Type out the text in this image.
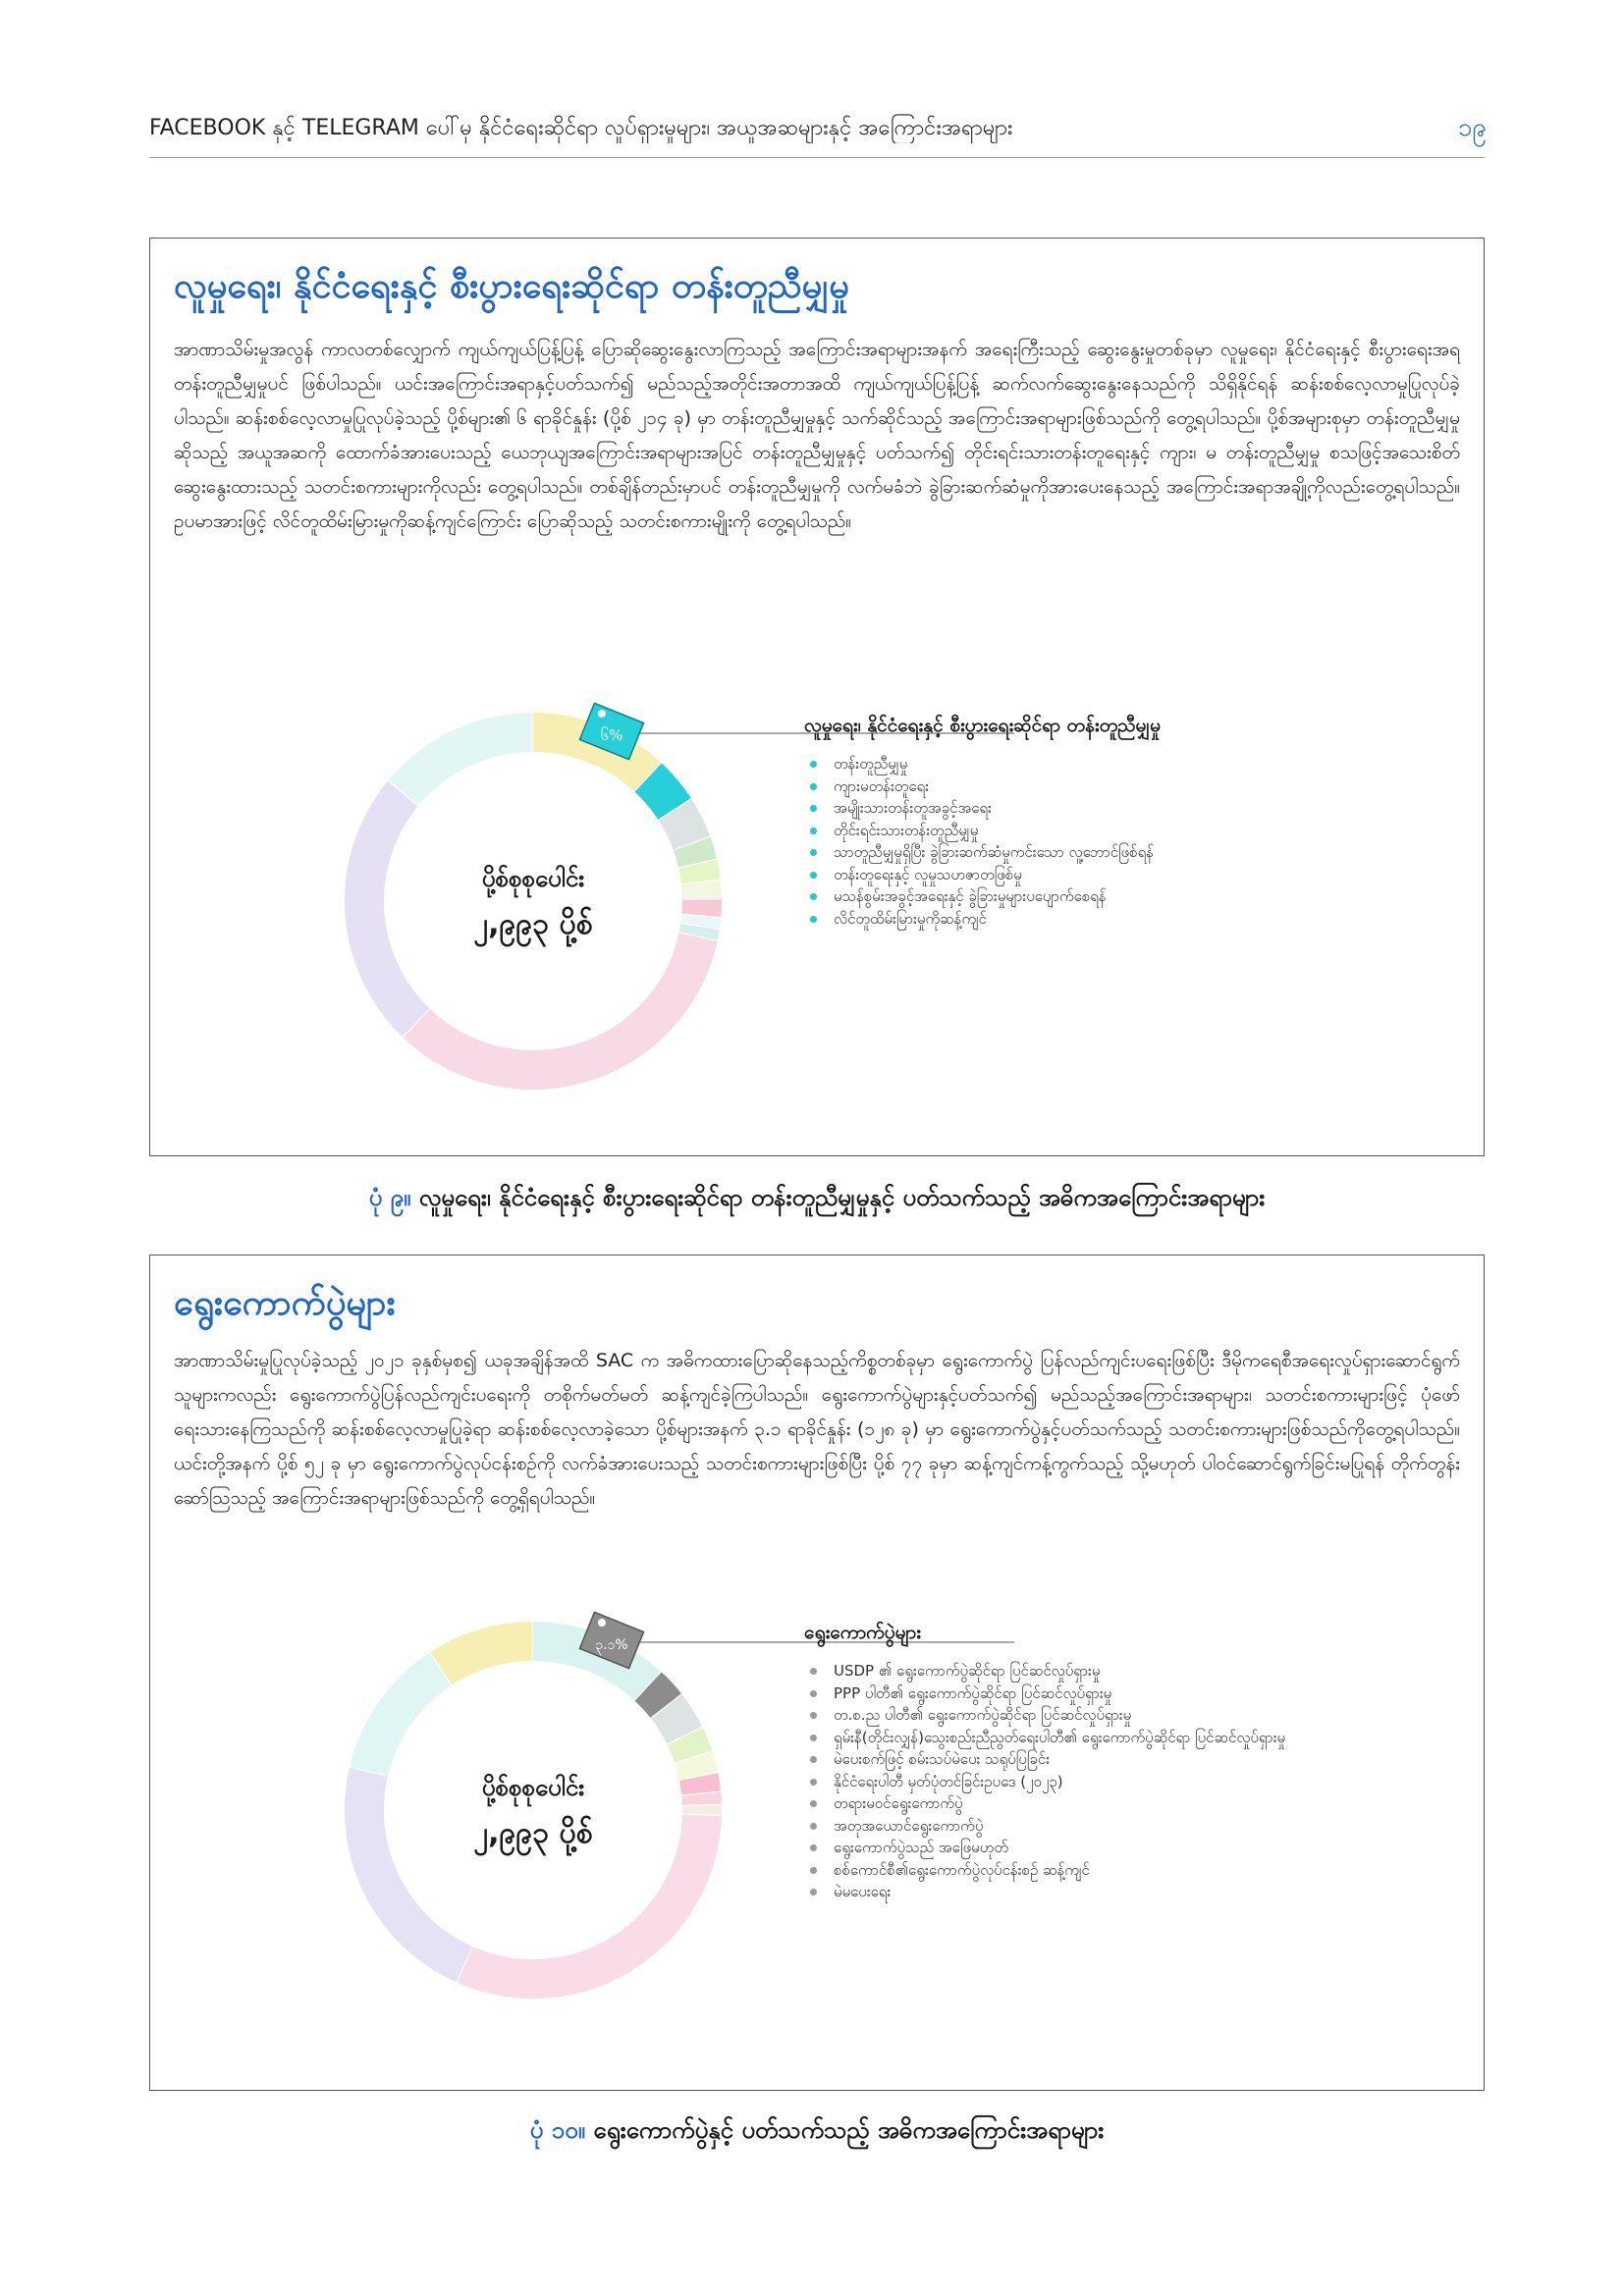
FACEBOOK နှင့် TELEGRAM ပေါ်မှ နိုင်ငံရေးဆိုင်ရာ လှုပ်ရှားမှုများ၊ အယူအဆများနှင့် အကြောင်းအရာများ	၁၉
လူမှုရေး၊ နိုင်ငံရေးနှင့် စီးပွားရေးဆိုင်ရာ တန်းတူညီမျှမှု

အာဏာသိမ်းမှုအလွန် ကာလတစ်လျှောက် ကျယ်ကျယ်ပြန့်ပြန့် ပြောဆိုဆွေးနွေးလာကြသည့် အကြောင်းအရာများအနက် အရေးကြီးသည့် ဆွေးနွေးမှုတစ်ခုမှာ လူမှုရေး၊ နိုင်ငံရေးနှင့် စီးပွားရေးအရ တန်းတူညီမျှမှုပင် ဖြစ်ပါသည်။ ယင်းအကြောင်းအရာနှင့်ပတ်သက်၍ မည်သည့်အတိုင်းအတာအထိ ကျယ်ကျယ်ပြန့်ပြန့် ဆက်လက်ဆွေးနွေးနေသည်ကို သိရှိနိုင်ရန် ဆန်းစစ်လေ့လာမှုပြုလုပ်ခဲ့ပါသည်။ ဆန်းစစ်လေ့လာမှုပြုလုပ်ခဲ့သည့် ပို့စ်များ၏ ၆ ရာခိုင်နှုန်း (ပို့စ် ၂၁၄ ခု) မှာ တန်းတူညီမျှမှုနှင့် သက်ဆိုင်သည့် အကြောင်းအရာများဖြစ်သည်ကို တွေ့ရပါသည်။ ပို့စ်အများစုမှာ တန်းတူညီမျှမှုဆိုသည့် အယူအဆကို ထောက်ခံအားပေးသည့် ယေဘုယျအကြောင်းအရာများအပြင် တန်းတူညီမျှမှုနှင့် ပတ်သက်၍ တိုင်းရင်းသားတန်းတူရေးနှင့် ကျား၊ မ တန်းတူညီမျှမှု စသဖြင့်အသေးစိတ်ဆွေးနွေးထားသည့် သတင်းစကားများကိုလည်း တွေ့ရပါသည်။ တစ်ချိန်တည်းမှာပင် တန်းတူညီမျှမှုကို လက်မခံဘဲ ခွဲခြားဆက်ဆံမှုကိုအားပေးနေသည့် အကြောင်းအရာအချို့ကိုလည်းတွေ့ရပါသည်။ ဥပမာအားဖြင့် လိင်တူထိမ်းမြားမှုကိုဆန့်ကျင်ကြောင်း ပြောဆိုသည့် သတင်းစကားမျိုးကို တွေ့ရပါသည်။

၆%
ပို့စ်စုစုပေါင်း
၂,၉၉၃ ပို့စ်
လူမှုရေး၊ နိုင်ငံရေးနှင့် စီးပွားရေးဆိုင်ရာ တန်းတူညီမျှမှု
တန်းတူညီမျှမှု
ကျားမတန်းတူရေး
အမျိုးသားတန်းတူအခွင့်အရေး
တိုင်းရင်းသားတန်းတူညီမျှမှု
သာတူညီမျှမှုရှိပြီး ခွဲခြားဆက်ဆံမှုကင်းသော လူ့ဘောင်ဖြစ်ရန်
တန်းတူရေးနှင့် လူမှုသဟဇာတဖြစ်မှု
မသန်စွမ်းအခွင့်အရေးနှင့် ခွဲခြားမှုများပပျောက်စေရန်
လိင်တူထိမ်းမြားမှုကိုဆန့်ကျင်
ပုံ ၉။ လူမှုရေး၊ နိုင်ငံရေးနှင့် စီးပွားရေးဆိုင်ရာ တန်းတူညီမျှမှုနှင့် ပတ်သက်သည့် အဓိကအကြောင်းအရာများ
ရွေးကောက်ပွဲများ

အာဏာသိမ်းမှုပြုလုပ်ခဲ့သည့် ၂၀၂၁ ခုနှစ်မှစ၍ ယခုအချိန်အထိ SAC က အဓိကထားပြောဆိုနေသည့်ကိစ္စတစ်ခုမှာ ရွေးကောက်ပွဲ ပြန်လည်ကျင်းပရေးဖြစ်ပြီး ဒီမိုကရေစီအရေးလှုပ်ရှားဆောင်ရွက်သူများကလည်း ရွေးကောက်ပွဲပြန်လည်ကျင်းပရေးကို တစိုက်မတ်မတ် ဆန့်ကျင်ခဲ့ကြပါသည်။ ရွေးကောက်ပွဲများနှင့်ပတ်သက်၍ မည်သည့်အကြောင်းအရာများ၊ သတင်းစကားများဖြင့် ပုံဖော်ရေးသားနေကြသည်ကို ဆန်းစစ်လေ့လာမှုပြုခဲ့ရာ ဆန်းစစ်လေ့လာခဲ့သော ပို့စ်များအနက် ၃.၁ ရာခိုင်နှုန်း (၁၂၈ ခု) မှာ ရွေးကောက်ပွဲနှင့်ပတ်သက်သည့် သတင်းစကားများဖြစ်သည်ကိုတွေ့ရပါသည်။ ယင်းတို့အနက် ပို့စ် ၅၂ ခု မှာ ရွေးကောက်ပွဲလုပ်ငန်းစဉ်ကို လက်ခံအားပေးသည့် သတင်းစကားများဖြစ်ပြီး ပို့စ် ၇၇ ခုမှာ ဆန့်ကျင်ကန့်ကွက်သည့် သို့မဟုတ် ပါဝင်ဆောင်ရွက်ခြင်းမပြုရန် တိုက်တွန်းဆော်ဩသည့် အကြောင်းအရာများဖြစ်သည်ကို တွေ့ရှိရပါသည်။

၃.၁%
ပို့စ်စုစုပေါင်း
၂,၉၉၃ ပို့စ်
ရွေးကောက်ပွဲများ
USDP ၏ ရွေးကောက်ပွဲဆိုင်ရာ ပြင်ဆင်လှုပ်ရှားမှု
PPP ပါတီ၏ ရွေးကောက်ပွဲဆိုင်ရာ ပြင်ဆင်လှုပ်ရှားမှု
တ.စ.ည ပါတီ၏ ရွေးကောက်ပွဲဆိုင်ရာ ပြင်ဆင်လှုပ်ရှားမှု
ရှမ်းနီ(တိုင်းလျှန်)သွေးစည်းညီညွတ်ရေးပါတီ၏ ရွေးကောက်ပွဲဆိုင်ရာ ပြင်ဆင်လှုပ်ရှားမှု
မဲပေးစက်ဖြင့် စမ်းသပ်မဲပေး သရုပ်ပြခြင်း
နိုင်ငံရေးပါတီ မှတ်ပုံတင်ခြင်းဥပဒေ (၂၀၂၃)
တရားမဝင်ရွေးကောက်ပွဲ
အတုအယောင်ရွေးကောက်ပွဲ
ရွေးကောက်ပွဲသည် အဖြေမဟုတ်
စစ်ကောင်စီ၏ရွေးကောက်ပွဲလုပ်ငန်းစဉ် ဆန့်ကျင်
မဲမပေးရေး
ပုံ ၁၀။ ရွေးကောက်ပွဲနှင့် ပတ်သက်သည့် အဓိကအကြောင်းအရာများ
